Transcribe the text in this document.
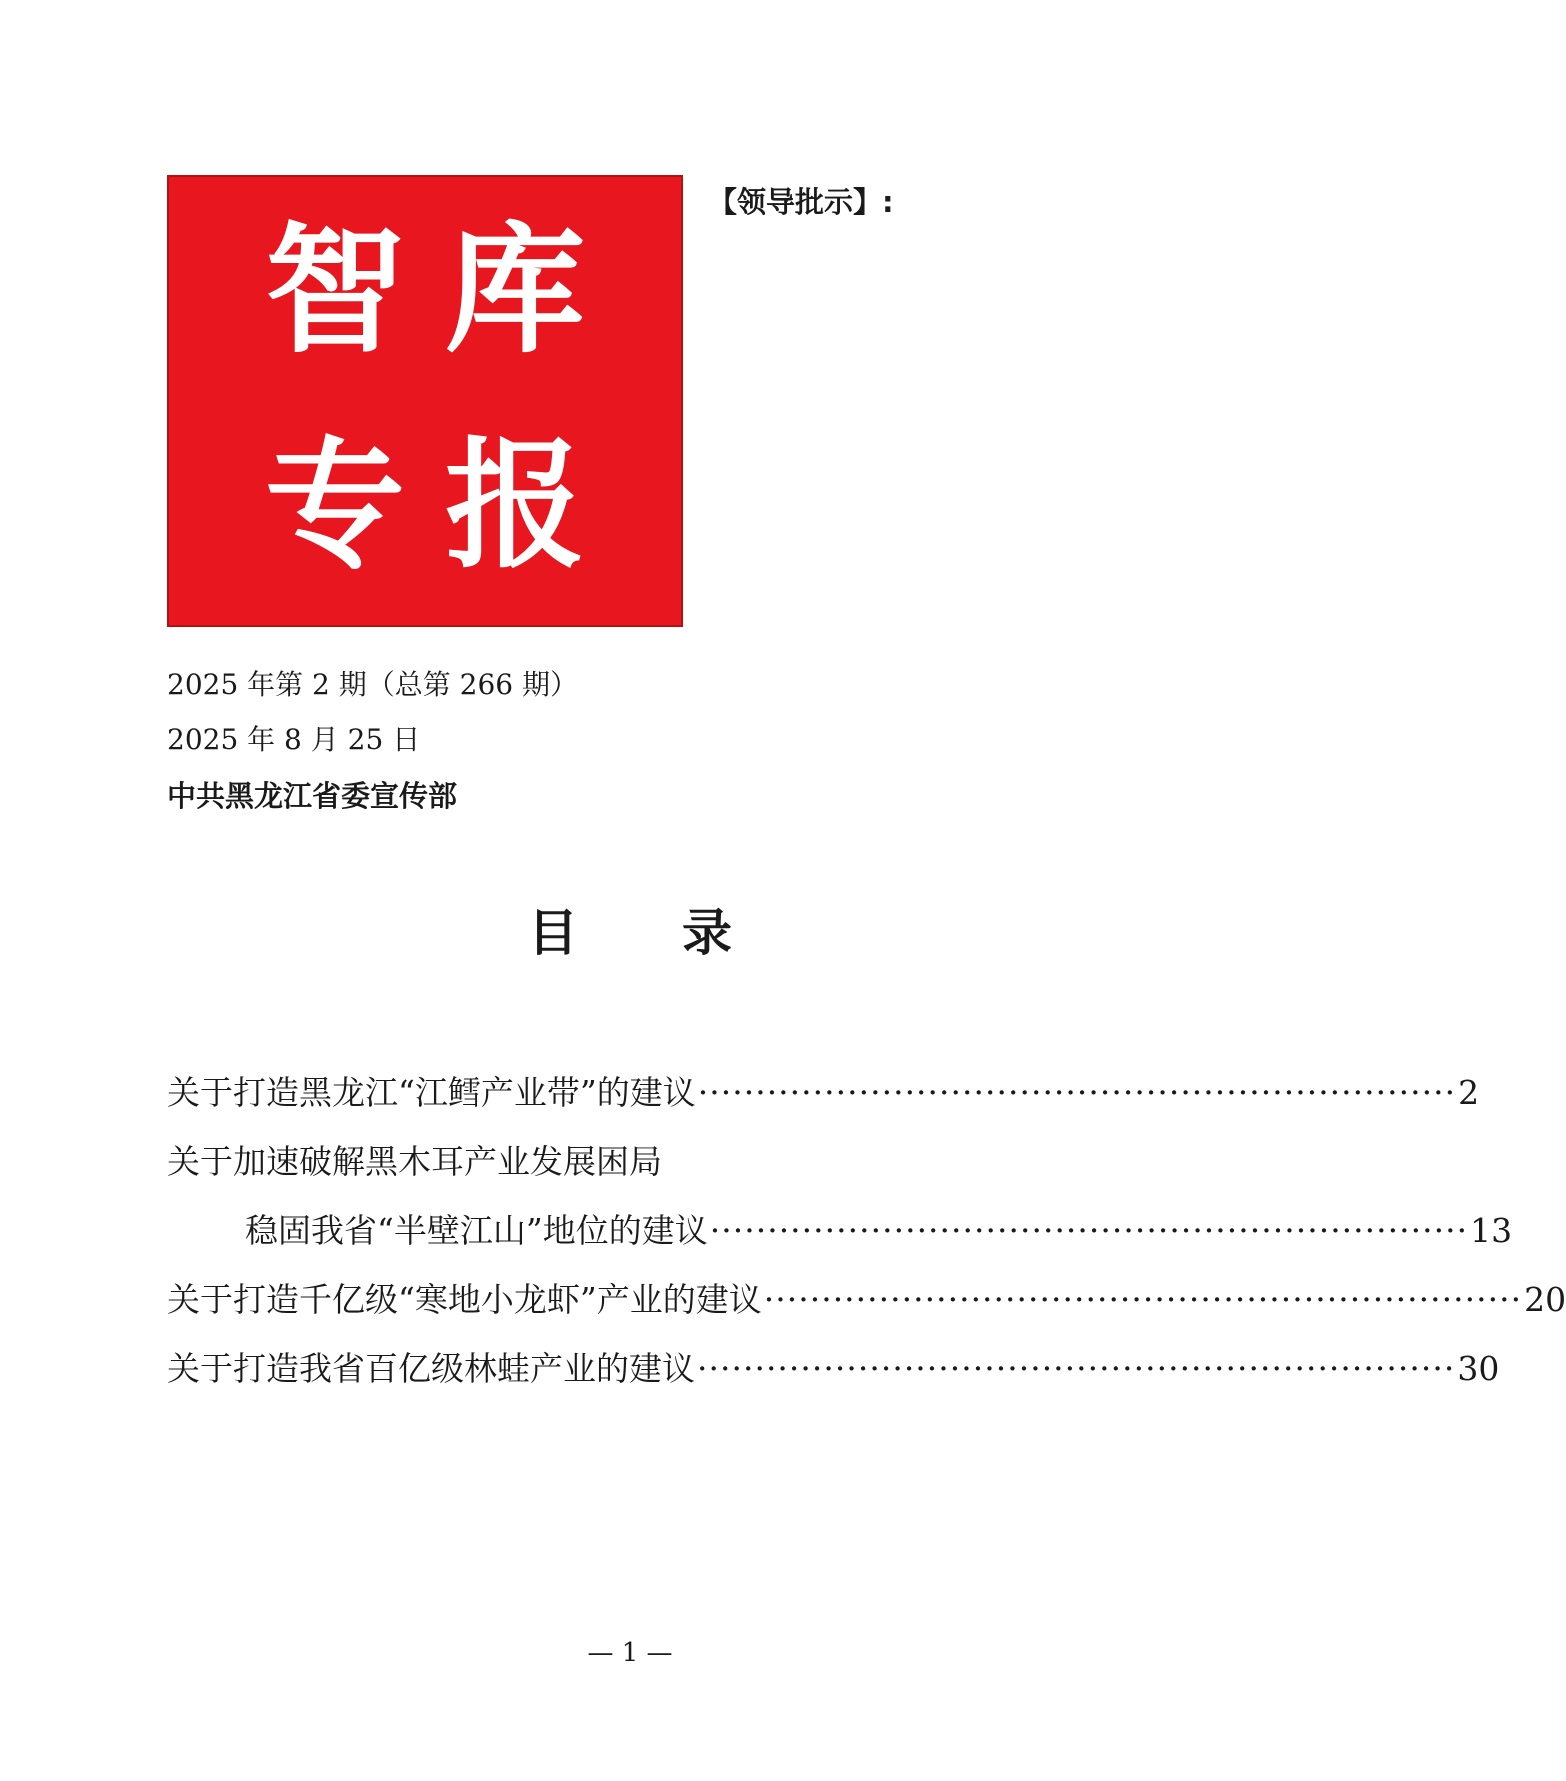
智库
专报
【领导批示】:
2025 年第 2 期（总第 266 期）
2025 年 8 月 25 日
中共黑龙江省委宣传部
目录
关于打造黑龙江“江鳕产业带”的建议 ·································································· 2
关于加速破解黑木耳产业发展困局
稳固我省“半壁江山”地位的建议 ·································································· 13
关于打造千亿级“寒地小龙虾”产业的建议 ·································································· 20
关于打造我省百亿级林蛙产业的建议 ·································································· 30
— 1 —
